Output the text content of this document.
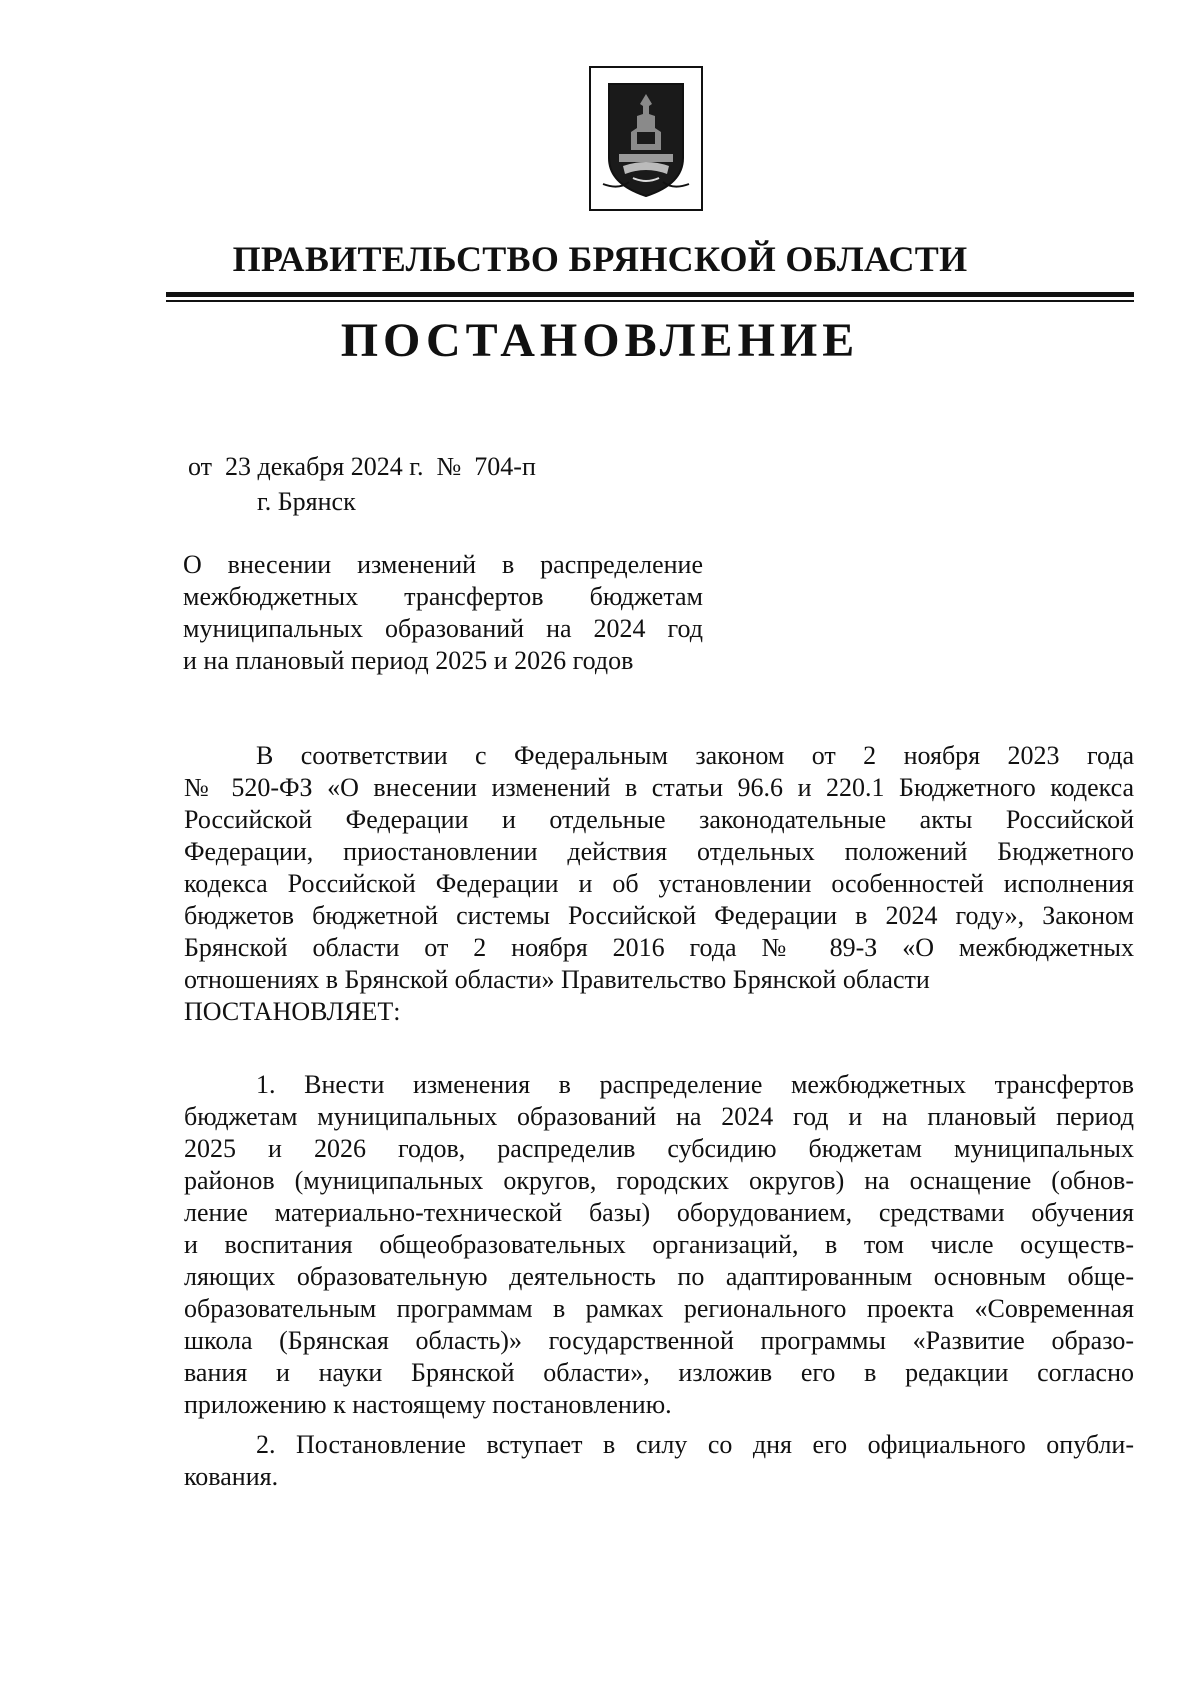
ПРАВИТЕЛЬСТВО БРЯНСКОЙ ОБЛАСТИ
ПОСТАНОВЛЕНИЕ
от  23 декабря 2024 г.  №  704-п
г. Брянск
О внесении изменений в распределение
межбюджетных трансфертов бюджетам
муниципальных образований на 2024 год
и на плановый период 2025 и 2026 годов
В соответствии с Федеральным законом от 2 ноября 2023 года
№ 520-ФЗ «О внесении изменений в статьи 96.6 и 220.1 Бюджетного кодекса
Российской Федерации и отдельные законодательные акты Российской
Федерации, приостановлении действия отдельных положений Бюджетного
кодекса Российской Федерации и об установлении особенностей исполнения
бюджетов бюджетной системы Российской Федерации в 2024 году», Законом
Брянской области от 2 ноября 2016 года № 89-З «О межбюджетных
отношениях в Брянской области» Правительство Брянской области
ПОСТАНОВЛЯЕТ:
1. Внести изменения в распределение межбюджетных трансфертов
бюджетам муниципальных образований на 2024 год и на плановый период
2025 и 2026 годов, распределив субсидию бюджетам муниципальных
районов (муниципальных округов, городских округов) на оснащение (обнов-
ление материально-технической базы) оборудованием, средствами обучения
и воспитания общеобразовательных организаций, в том числе осуществ-
ляющих образовательную деятельность по адаптированным основным обще-
образовательным программам в рамках регионального проекта «Современная
школа (Брянская область)» государственной программы «Развитие образо-
вания и науки Брянской области», изложив его в редакции согласно
приложению к настоящему постановлению.
2. Постановление вступает в силу со дня его официального опубли-
кования.
